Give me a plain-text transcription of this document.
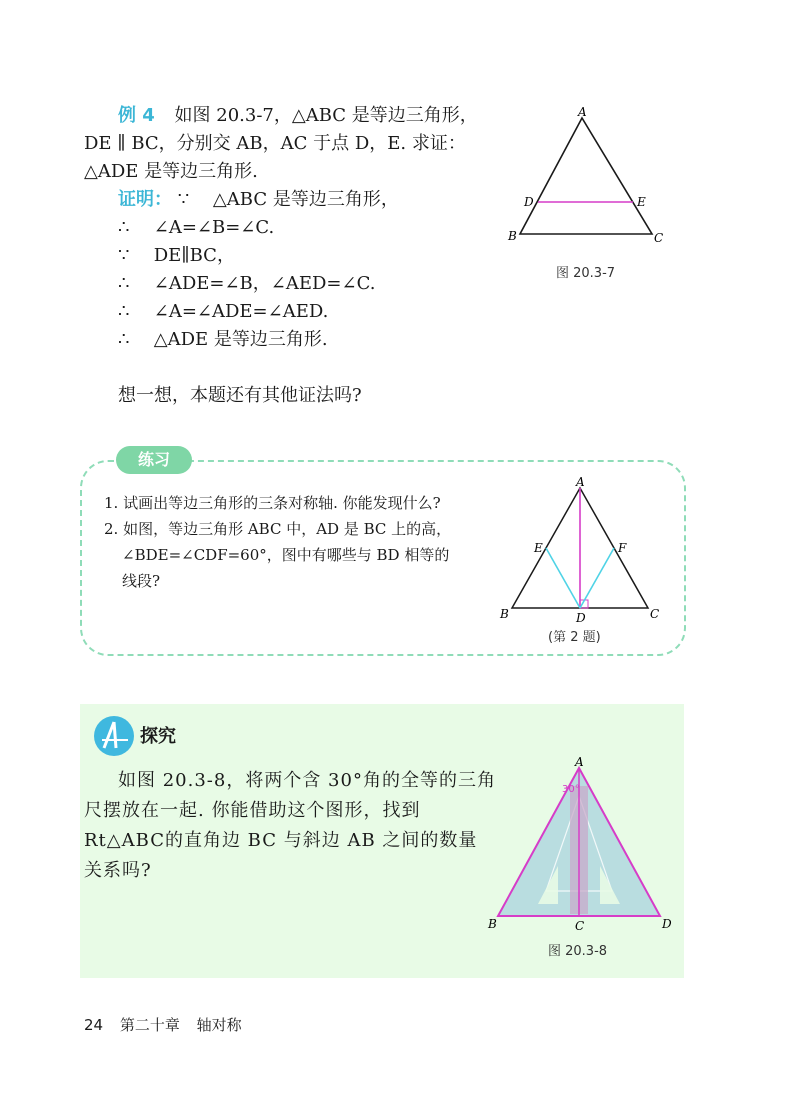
例 4 如图 20.3-7，△ABC 是等边三角形，
DE ∥ BC，分别交 AB，AC 于点 D，E. 求证：
△ADE 是等边三角形.
证明： ∵ △ABC 是等边三角形，
∴ ∠A=∠B=∠C.
∵ DE∥BC，
∴ ∠ADE=∠B，∠AED=∠C.
∴ ∠A=∠ADE=∠AED.
∴ △ADE 是等边三角形.
想一想，本题还有其他证法吗?
A
B	C
D	E
图 20.3-7
练习
1. 试画出等边三角形的三条对称轴. 你能发现什么?
2. 如图，等边三角形 ABC 中，AD 是 BC 上的高，
∠BDE=∠CDF=60°，图中有哪些与 BD 相等的
线段?
A
B	C
D
E	F
(第 2 题)
探究
如图 20.3-8，将两个含 30°角的全等的三角
尺摆放在一起. 你能借助这个图形，找到
Rt△ABC的直角边 BC 与斜边 AB 之间的数量
关系吗?
30°
A
B	C	D
图 20.3-8
24 第二十章 轴对称
